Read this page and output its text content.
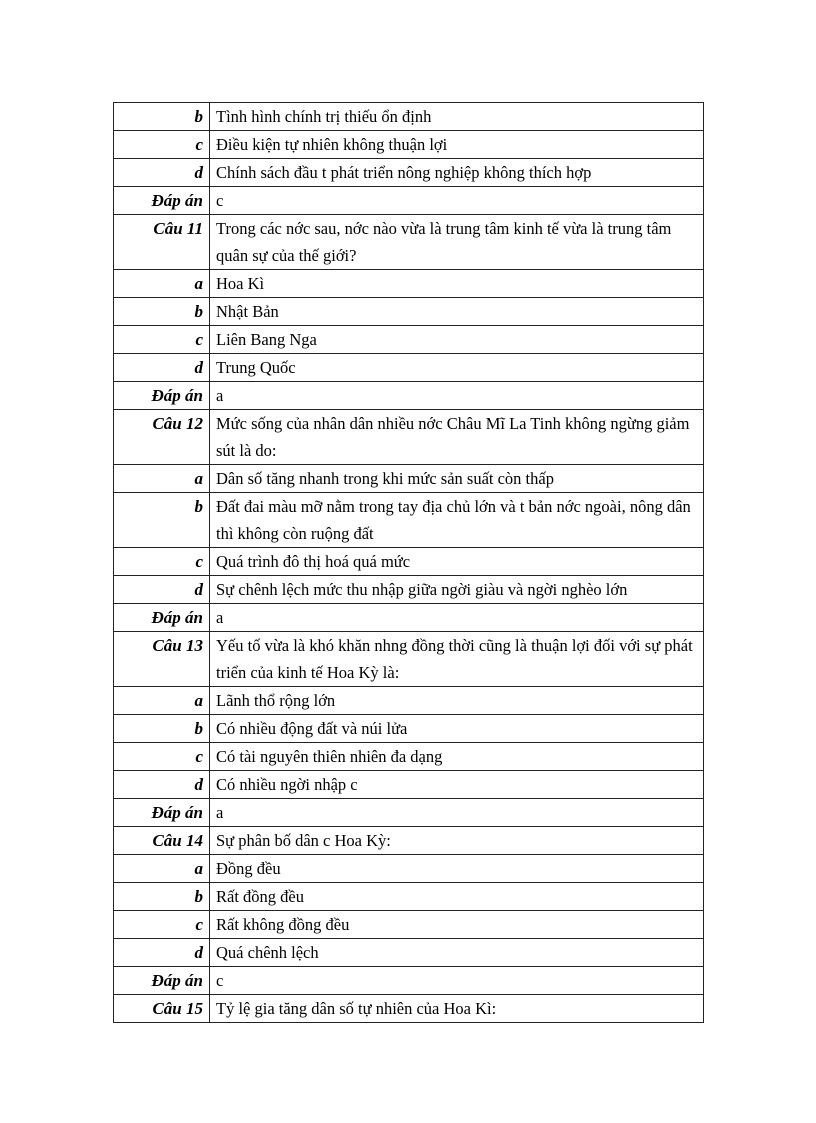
b	Tình hình chính trị thiếu ổn định
c	Điều kiện tự nhiên không thuận lợi
d	Chính sách đầu t phát triển nông nghiệp không thích hợp
Đáp án	c
Câu 11	Trong các nớc sau, nớc nào vừa là trung tâm kinh tế vừa là trung tâm quân sự của thế giới?
a	Hoa Kì
b	Nhật Bản
c	Liên Bang Nga
d	Trung Quốc
Đáp án	a
Câu 12	Mức sống của nhân dân nhiều nớc Châu Mĩ La Tinh không ngừng giảm sút là do:
a	Dân số tăng nhanh trong khi mức sản suất còn thấp
b	Đất đai màu mỡ nằm trong tay địa chủ lớn và t bản nớc ngoài, nông dân thì không còn ruộng đất
c	Quá trình đô thị hoá quá mức
d	Sự chênh lệch mức thu nhập giữa ngời giàu và ngời nghèo lớn
Đáp án	a
Câu 13	Yếu tố vừa là khó khăn nhng đồng thời cũng là thuận lợi đối với sự phát triển của kinh tế Hoa Kỳ là:
a	Lãnh thổ rộng lớn
b	Có nhiều động đất và núi lửa
c	Có tài nguyên thiên nhiên đa dạng
d	Có nhiều ngời nhập c
Đáp án	a
Câu 14	Sự phân bố dân c Hoa Kỳ:
a	Đồng đều
b	Rất đồng đều
c	Rất không đồng đều
d	Quá chênh lệch
Đáp án	c
Câu 15	Tỷ lệ gia tăng dân số tự nhiên của Hoa Kì:
